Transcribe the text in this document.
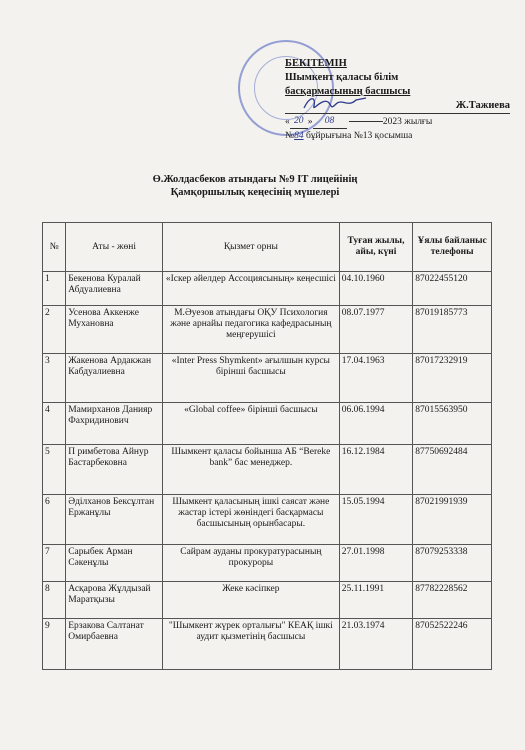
БЕКІТЕМІН
Шымкент қаласы білім
басқармасының басшысы
Ж.Тажиева
« 20 »	08
	2023 жылғы
№84 бұйрығына №13 қосымша
Ө.Жолдасбеков атындағы №9 IT лицейінің
Қамқоршылық кеңесінің мүшелері
№	Аты - жөні	Қызмет орны	Туған жылы, айы, күні	Ұялы байланыс телефоны
1	Бекенова Куралай Абдуалиевна	«Іскер әйелдер Ассоциясының» кеңесшісі	04.10.1960	87022455120
2	Усенова Аккенже Мухановна	М.Әуезов атындағы ОҚУ Психология және арнайы педагогика кафедрасының меңгерушісі	08.07.1977	87019185773
3	Жакенова Ардакжан Кабдуалиевна	«Inter Press Shymkent» ағылшын курсы бірінші басшысы	17.04.1963	87017232919
4	Мамирханов Данияр Фахридинович	«Global coffee» бірінші басшысы	06.06.1994	87015563950
5	П римбетова Айнур Бастарбековна	Шымкент қаласы бойынша АБ “Bereke bank” бас менеджер.	16.12.1984	87750692484
6	Әділханов Бексұлтан Ержанұлы	Шымкент қаласының ішкі саясат және жастар істері жөніндегі басқармасы басшысының орынбасары.	15.05.1994	87021991939
7	Сарыбек Арман Сәкенұлы	Сайрам ауданы прокуратурасының прокуроры	27.01.1998	87079253338
8	Асқарова Жұлдызай Маратқызы	Жеке кәсіпкер	25.11.1991	87782228562
9	Ерзакова Салтанат Омирбаевна	"Шымкент жүрек орталығы" КЕАҚ ішкі аудит қызметінің басшысы	21.03.1974	87052522246
